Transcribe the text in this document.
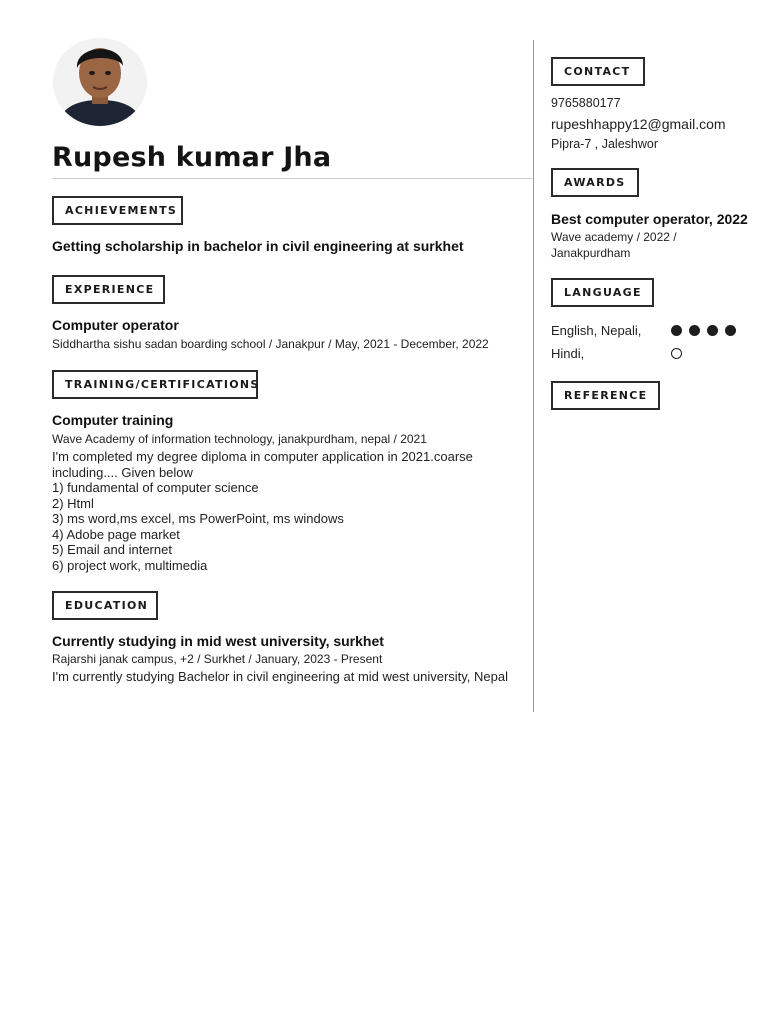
Rupesh kumar Jha
ACHIEVEMENTS

Getting scholarship in bachelor in civil engineering at surkhet

EXPERIENCE

Computer operator

Siddhartha sishu sadan boarding school / Janakpur / May, 2021 - December, 2022

TRAINING/CERTIFICATIONS

Computer training

Wave Academy of information technology, janakpurdham, nepal / 2021

I'm completed my degree diploma in computer application in 2021.coarse

including.... Given below

1) fundamental of computer science

2) Html

3) ms word,ms excel, ms PowerPoint, ms windows

4) Adobe page market

5) Email and internet

6) project work, multimedia

EDUCATION

Currently studying in mid west university, surkhet

Rajarshi janak campus, +2 / Surkhet / January, 2023 - Present

I'm currently studying Bachelor in civil engineering at mid west university, Nepal

CONTACT

9765880177

rupeshhappy12@gmail.com

Pipra-7 , Jaleshwor

AWARDS

Best computer operator, 2022

Wave academy / 2022 /

Janakpurdham

LANGUAGE
English, Nepali,
Hindi,
REFERENCE
